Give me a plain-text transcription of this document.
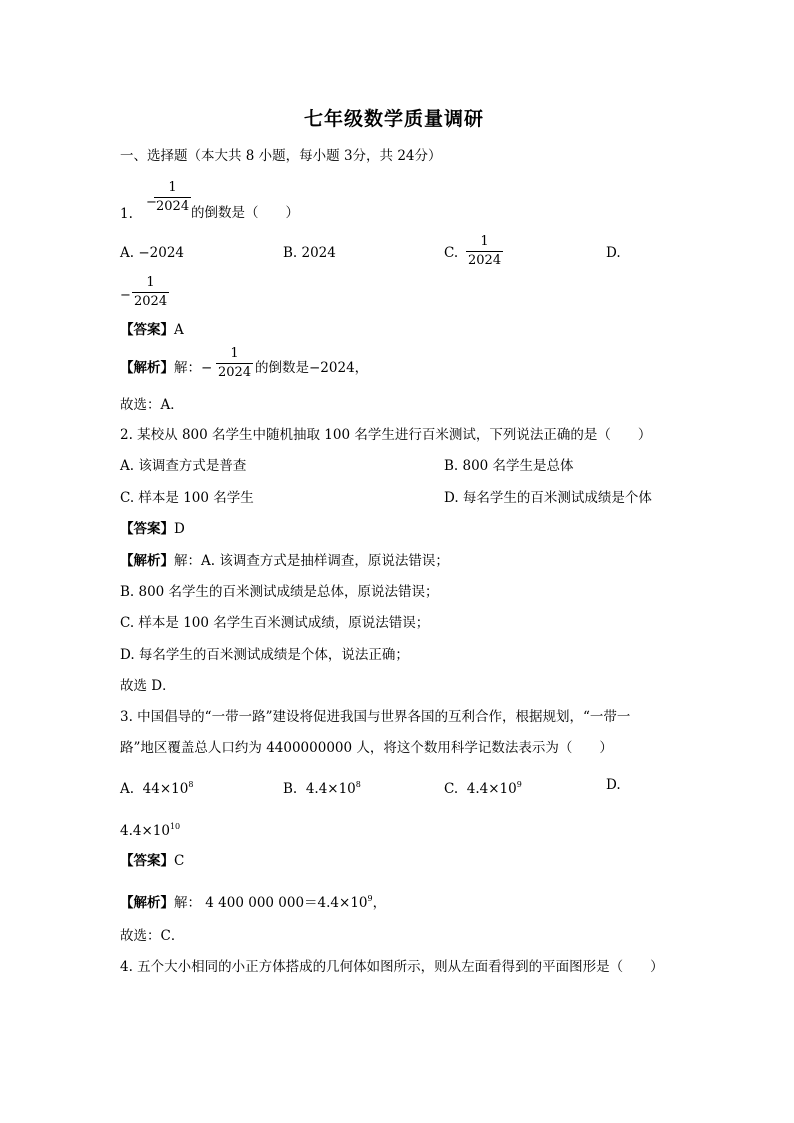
七年级数学质量调研
一、选择题（本大共 8 小题，每小题 3分，共 24分）
−
1
2024
1.	的倒数是（　　）
A. −2024	B. 2024	C.
1
2024	D.
−
1
2024
【答案】A
【解析】解：−
1
2024 的倒数是−2024，
故选：A．
2. 某校从 800 名学生中随机抽取 100 名学生进行百米测试，下列说法正确的是（　　）
A. 该调查方式是普查	B. 800 名学生是总体
C. 样本是 100 名学生	D. 每名学生的百米测试成绩是个体
【答案】D
【解析】解：A. 该调查方式是抽样调查，原说法错误；
B. 800 名学生的百米测试成绩是总体，原说法错误；
C. 样本是 100 名学生百米测试成绩，原说法错误；
D. 每名学生的百米测试成绩是个体，说法正确；
故选 D．
3. 中国倡导的“一带一路”建设将促进我国与世界各国的互利合作，根据规划，“一带一
路”地区覆盖总人口约为 4400000000 人，将这个数用科学记数法表示为（　　）
A. $44\times 10^8$	B. $4.4\times 10^8$	C. $4.4\times 10^9$	D.
$4.4\times 10^{10}$
【答案】C
【解析】解： 4 400 000 $000=4.4\times 10^9$，
故选：C．
4. 五个大小相同的小正方体搭成的几何体如图所示，则从左面看得到的平面图形是（　　）
